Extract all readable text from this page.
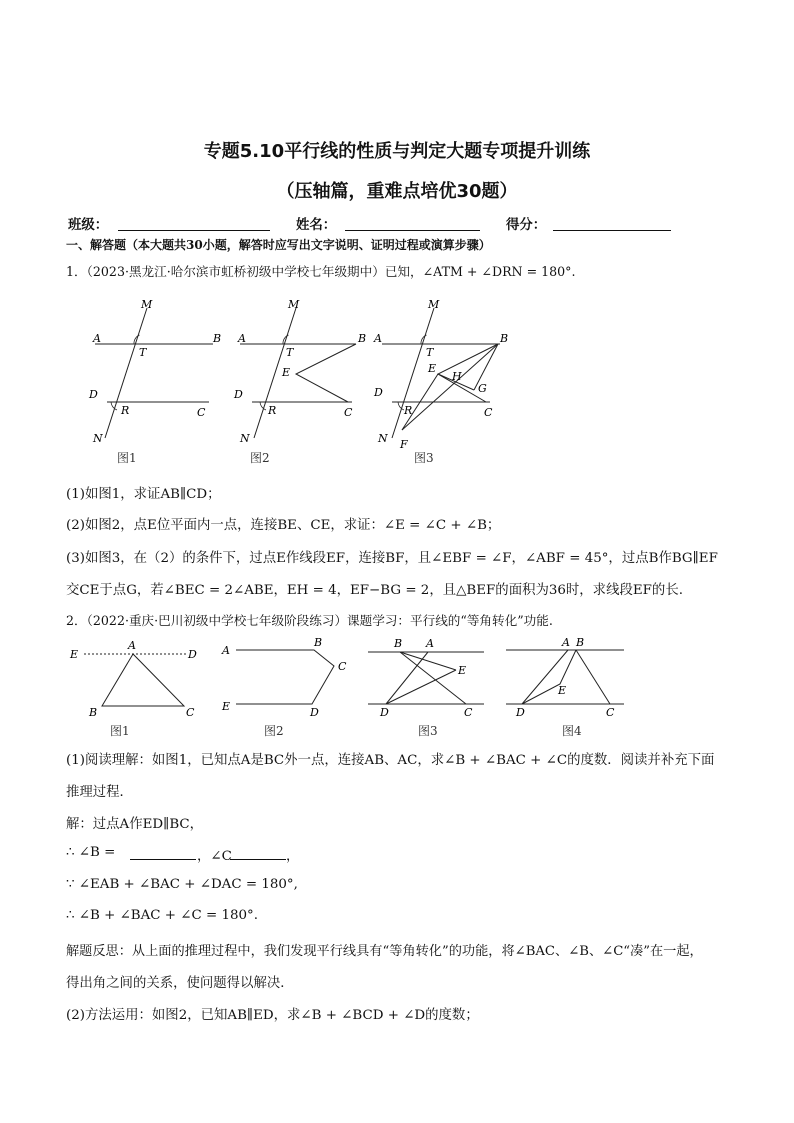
专题5.10平行线的性质与判定大题专项提升训练
（压轴篇，重难点培优30题）
班级：	姓名：	得分：
一、解答题（本大题共30小题，解答时应写出文字说明、证明过程或演算步骤）
1．（2023·黑龙江·哈尔滨市虹桥初级中学校七年级期中）已知，∠ATM + ∠DRN = 180°.
M
A	B
T
D
R	C
N
图1
M
A	B
T
E
D
R	C
N
图2
M
A	B
T
E
H
G
D
R	C
N F
图3
(1)如图1，求证AB∥CD；
(2)如图2，点E位平面内一点，连接BE、CE，求证：∠E = ∠C + ∠B；
(3)如图3，在（2）的条件下，过点E作线段EF，连接BF，且∠EBF = ∠F，∠ABF = 45°，过点B作BG∥EF
交CE于点G，若∠BEC = 2∠ABE，EH = 4，EF−BG = 2，且△BEF的面积为36时，求线段EF的长.
2．（2022·重庆·巴川初级中学校七年级阶段练习）课题学习：平行线的“等角转化”功能.
E
A
D
B	C
图1
A
B
C
E	D
图2
B A
E
D	C
图3
A B
E
D	C
图4
(1)阅读理解：如图1，已知点A是BC外一点，连接AB、AC，求∠B + ∠BAC + ∠C的度数．阅读并补充下面
推理过程．
解：过点A作ED∥BC，
∴ ∠B =	，∠C	，
∵ ∠EAB + ∠BAC + ∠DAC = 180°,
∴ ∠B + ∠BAC + ∠C = 180°.
解题反思：从上面的推理过程中，我们发现平行线具有“等角转化”的功能，将∠BAC、∠B、∠C“凑”在一起，
得出角之间的关系，使问题得以解决．
(2)方法运用：如图2，已知AB∥ED，求∠B + ∠BCD + ∠D的度数；
